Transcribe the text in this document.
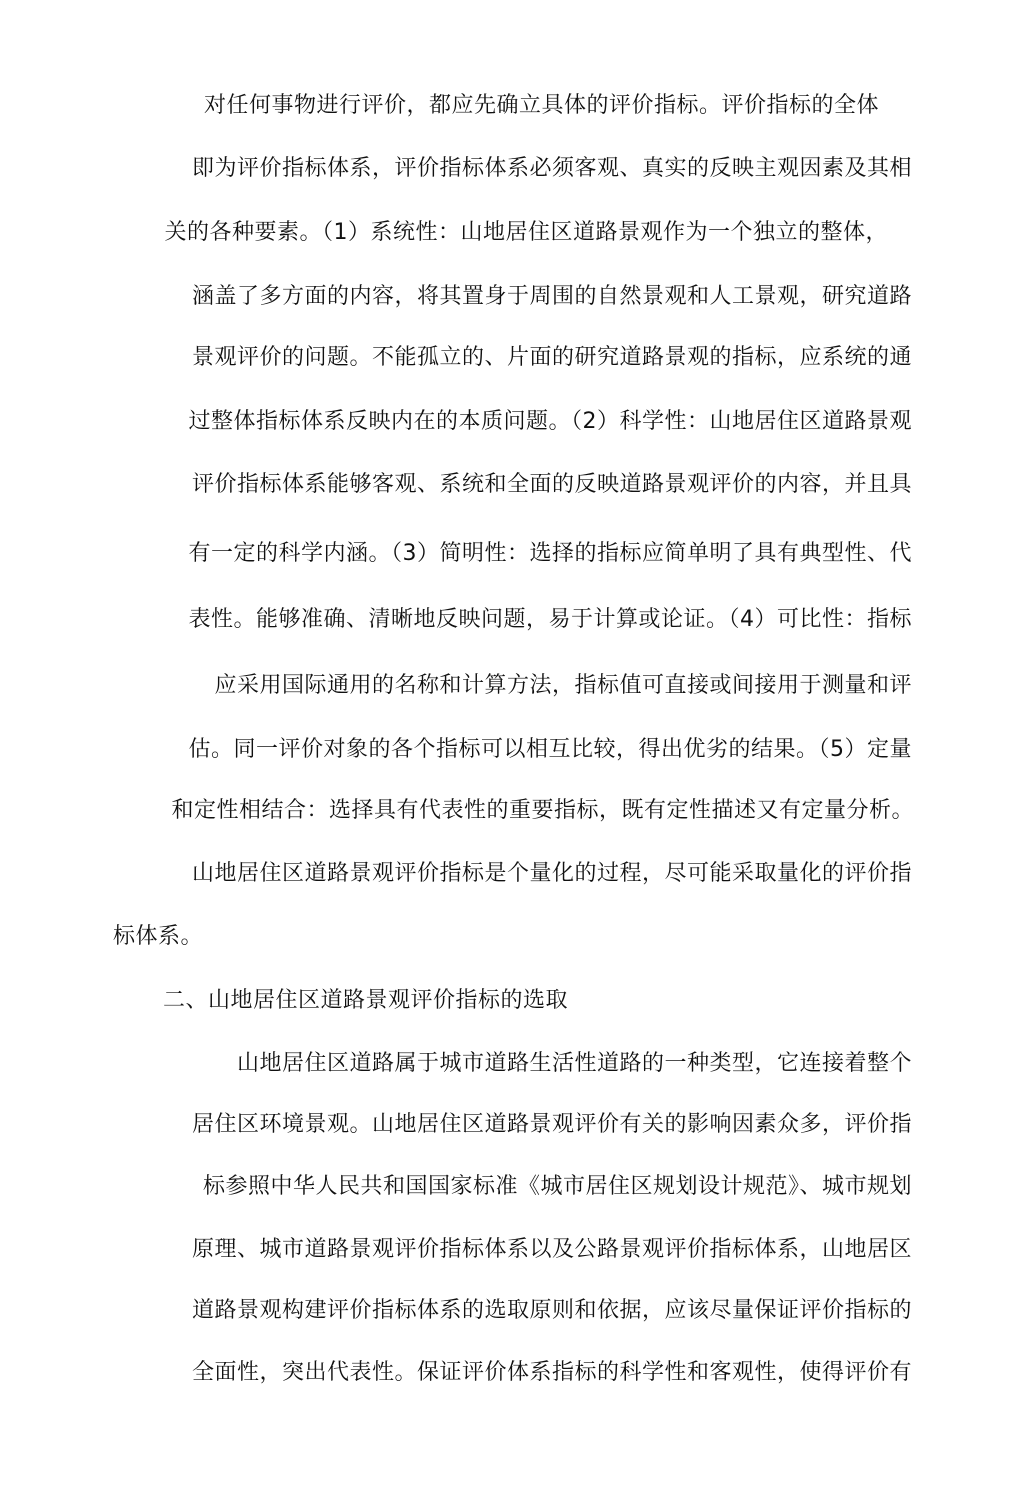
对任何事物进行评价，都应先确立具体的评价指标。评价指标的全体
即为评价指标体系，评价指标体系必须客观、真实的反映主观因素及其相
关的各种要素。（1）系统性：山地居住区道路景观作为一个独立的整体，
涵盖了多方面的内容，将其置身于周围的自然景观和人工景观，研究道路
景观评价的问题。不能孤立的、片面的研究道路景观的指标，应系统的通
过整体指标体系反映内在的本质问题。（2）科学性：山地居住区道路景观
评价指标体系能够客观、系统和全面的反映道路景观评价的内容，并且具
有一定的科学内涵。（3）简明性：选择的指标应简单明了具有典型性、代
表性。能够准确、清晰地反映问题，易于计算或论证。（4）可比性：指标
应采用国际通用的名称和计算方法，指标值可直接或间接用于测量和评
估。同一评价对象的各个指标可以相互比较，得出优劣的结果。（5）定量
和定性相结合：选择具有代表性的重要指标，既有定性描述又有定量分析。
山地居住区道路景观评价指标是个量化的过程，尽可能采取量化的评价指
标体系。
二、山地居住区道路景观评价指标的选取
山地居住区道路属于城市道路生活性道路的一种类型，它连接着整个
居住区环境景观。山地居住区道路景观评价有关的影响因素众多，评价指
标参照中华人民共和国国家标准《城市居住区规划设计规范》、城市规划
原理、城市道路景观评价指标体系以及公路景观评价指标体系，山地居区
道路景观构建评价指标体系的选取原则和依据，应该尽量保证评价指标的
全面性，突出代表性。保证评价体系指标的科学性和客观性，使得评价有
